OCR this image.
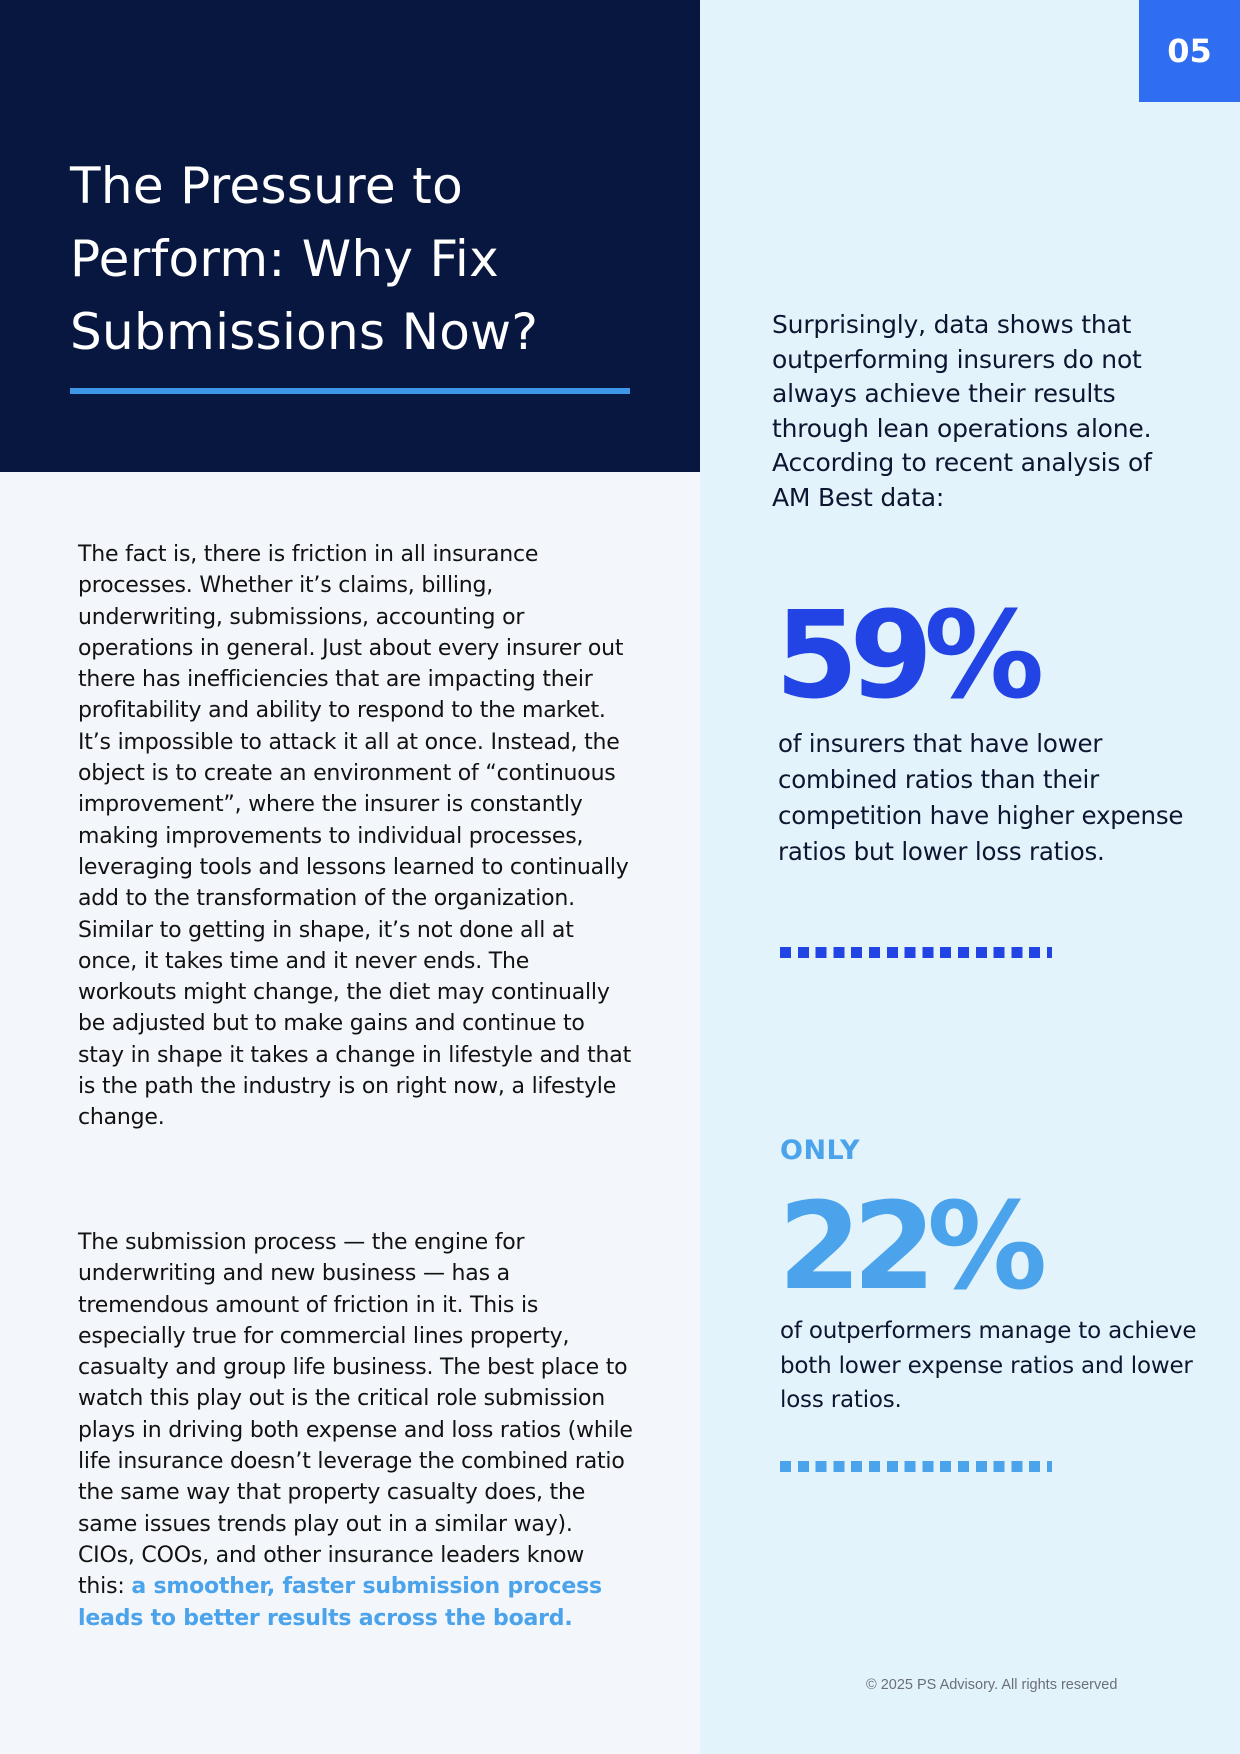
The Pressure to Perform: Why Fix Submissions Now?
05

The fact is, there is friction in all insurance processes. Whether it’s claims, billing, underwriting, submissions, accounting or operations in general. Just about every insurer out there has inefficiencies that are impacting their profitability and ability to respond to the market. It’s impossible to attack it all at once. Instead, the object is to create an environment of “continuous improvement”, where the insurer is constantly making improvements to individual processes, leveraging tools and lessons learned to continually add to the transformation of the organization. Similar to getting in shape, it’s not done all at once, it takes time and it never ends. The workouts might change, the diet may continually be adjusted but to make gains and continue to stay in shape it takes a change in lifestyle and that is the path the industry is on right now, a lifestyle change.

The submission process — the engine for underwriting and new business — has a tremendous amount of friction in it. This is especially true for commercial lines property, casualty and group life business. The best place to watch this play out is the critical role submission plays in driving both expense and loss ratios (while life insurance doesn’t leverage the combined ratio the same way that property casualty does, the same issues trends play out in a similar way). CIOs, COOs, and other insurance leaders know this: a smoother, faster submission process leads to better results across the board.

Surprisingly, data shows that outperforming insurers do not always achieve their results through lean operations alone. According to recent analysis of AM Best data:

59%

of insurers that have lower combined ratios than their competition have higher expense ratios but lower loss ratios.

ONLY

22%

of outperformers manage to achieve both lower expense ratios and lower loss ratios.

© 2025 PS Advisory. All rights reserved
